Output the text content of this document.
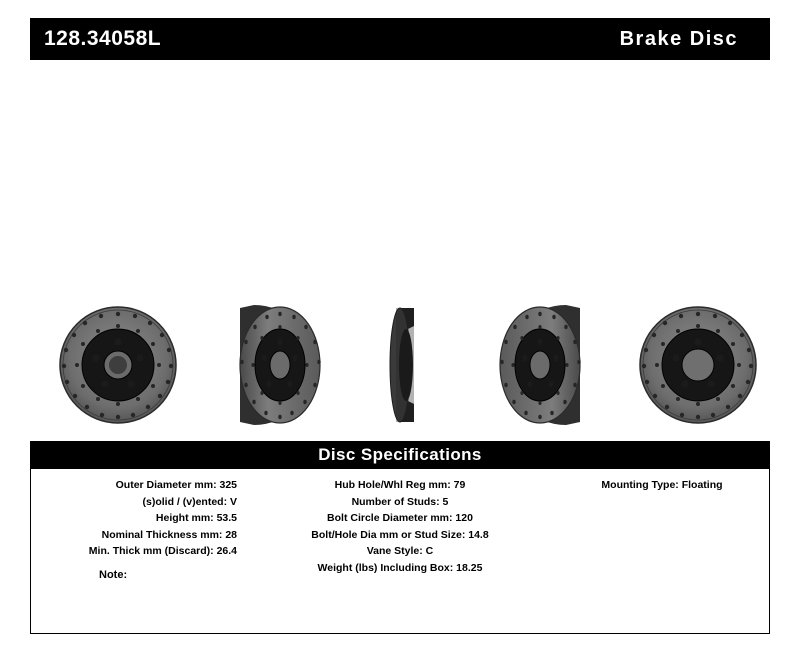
128.34058L	Brake Disc
Disc Specifications
Outer Diameter mm: 325
(s)olid / (v)ented: V
Height mm: 53.5
Nominal Thickness mm: 28
Min. Thick mm (Discard): 26.4
Hub Hole/Whl Reg mm: 79
Number of Studs: 5
Bolt Circle Diameter mm: 120
Bolt/Hole Dia mm or Stud Size: 14.8
Vane Style: C
Weight (lbs) Including Box: 18.25
Mounting Type: Floating
Note:
